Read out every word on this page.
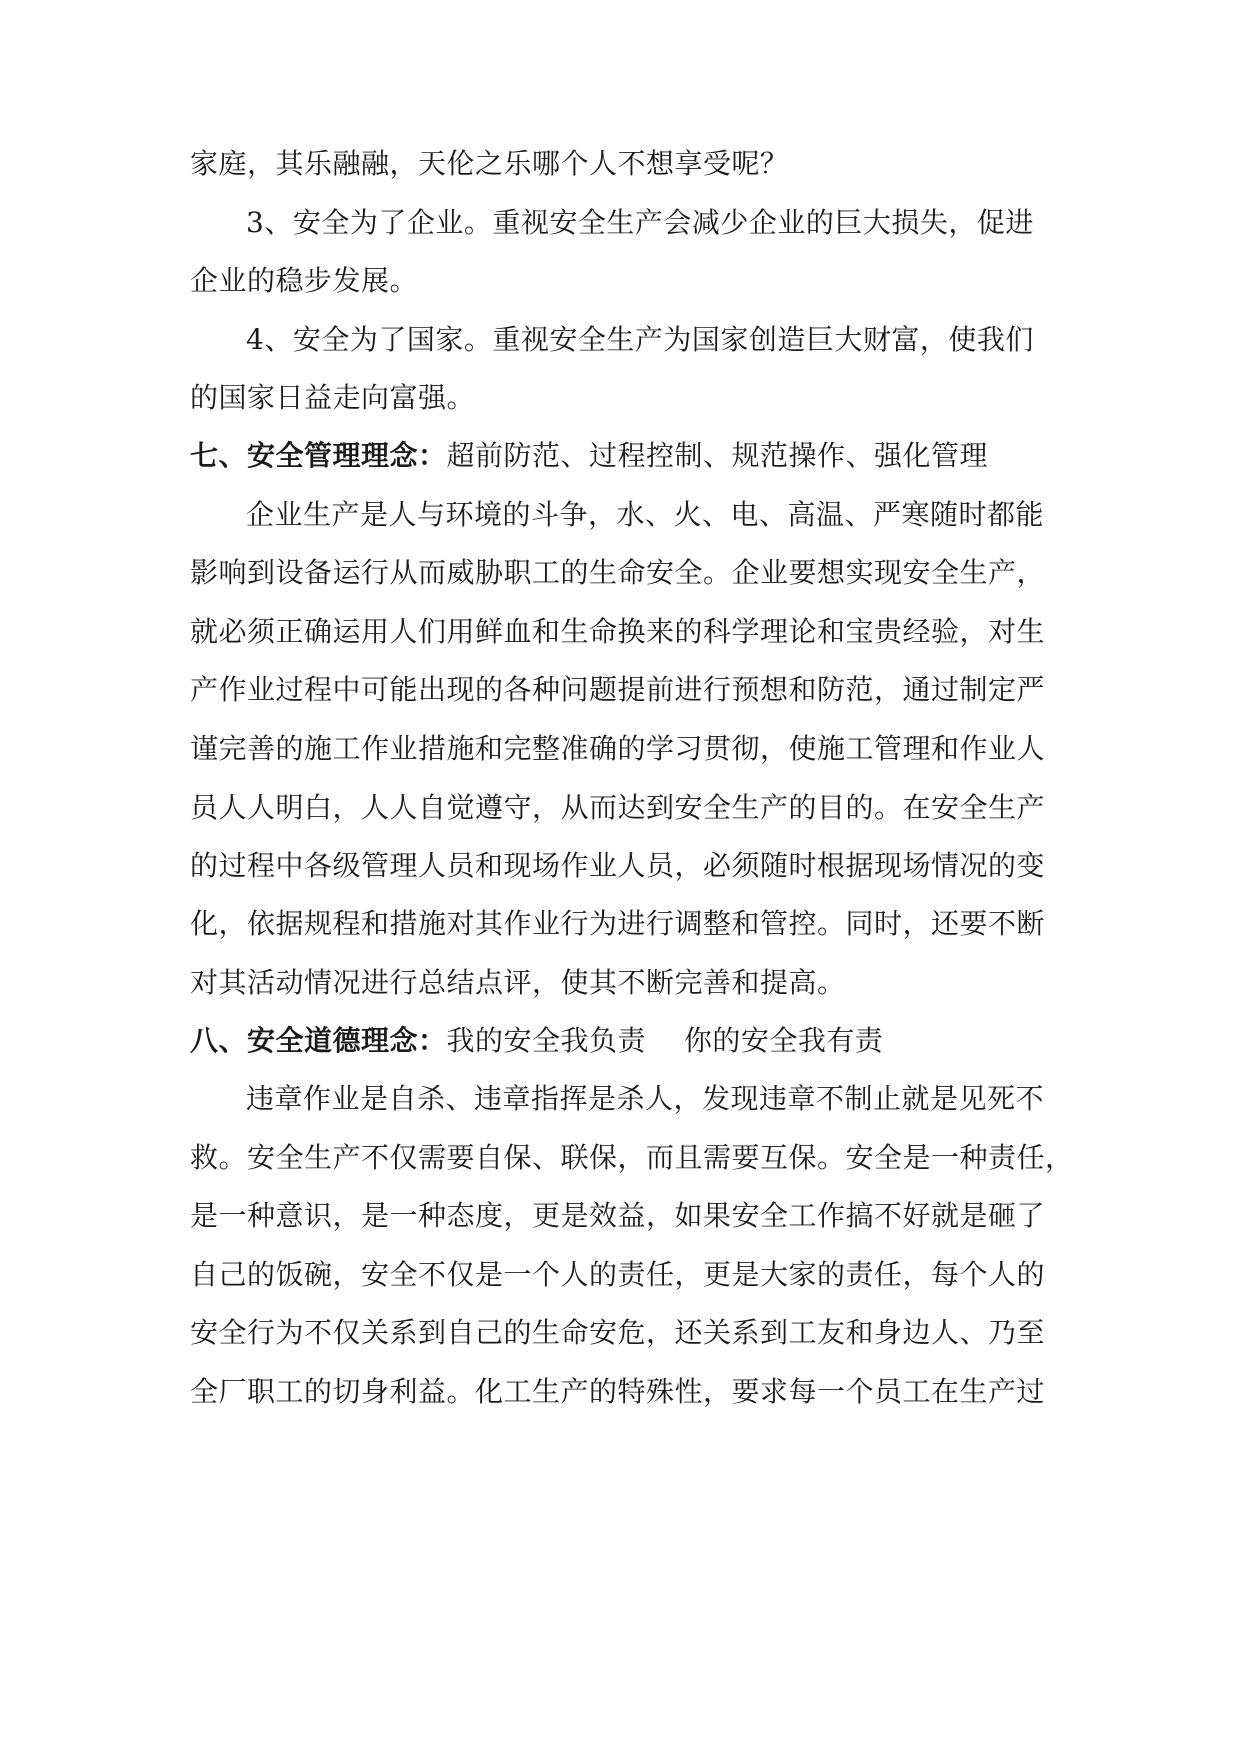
家庭，其乐融融，天伦之乐哪个人不想享受呢？
3、安全为了企业。重视安全生产会减少企业的巨大损失，促进
企业的稳步发展。
4、安全为了国家。重视安全生产为国家创造巨大财富，使我们
的国家日益走向富强。
七、安全管理理念：超前防范、过程控制、规范操作、强化管理
企业生产是人与环境的斗争，水、火、电、高温、严寒随时都能
影响到设备运行从而威胁职工的生命安全。企业要想实现安全生产，
就必须正确运用人们用鲜血和生命换来的科学理论和宝贵经验，对生
产作业过程中可能出现的各种问题提前进行预想和防范，通过制定严
谨完善的施工作业措施和完整准确的学习贯彻，使施工管理和作业人
员人人明白，人人自觉遵守，从而达到安全生产的目的。在安全生产
的过程中各级管理人员和现场作业人员，必须随时根据现场情况的变
化，依据规程和措施对其作业行为进行调整和管控。同时，还要不断
对其活动情况进行总结点评，使其不断完善和提高。
八、安全道德理念：我的安全我负责　 你的安全我有责
违章作业是自杀、违章指挥是杀人，发现违章不制止就是见死不
救。安全生产不仅需要自保、联保，而且需要互保。安全是一种责任，
是一种意识，是一种态度，更是效益，如果安全工作搞不好就是砸了
自己的饭碗，安全不仅是一个人的责任，更是大家的责任，每个人的
安全行为不仅关系到自己的生命安危，还关系到工友和身边人、乃至
全厂职工的切身利益。化工生产的特殊性，要求每一个员工在生产过
